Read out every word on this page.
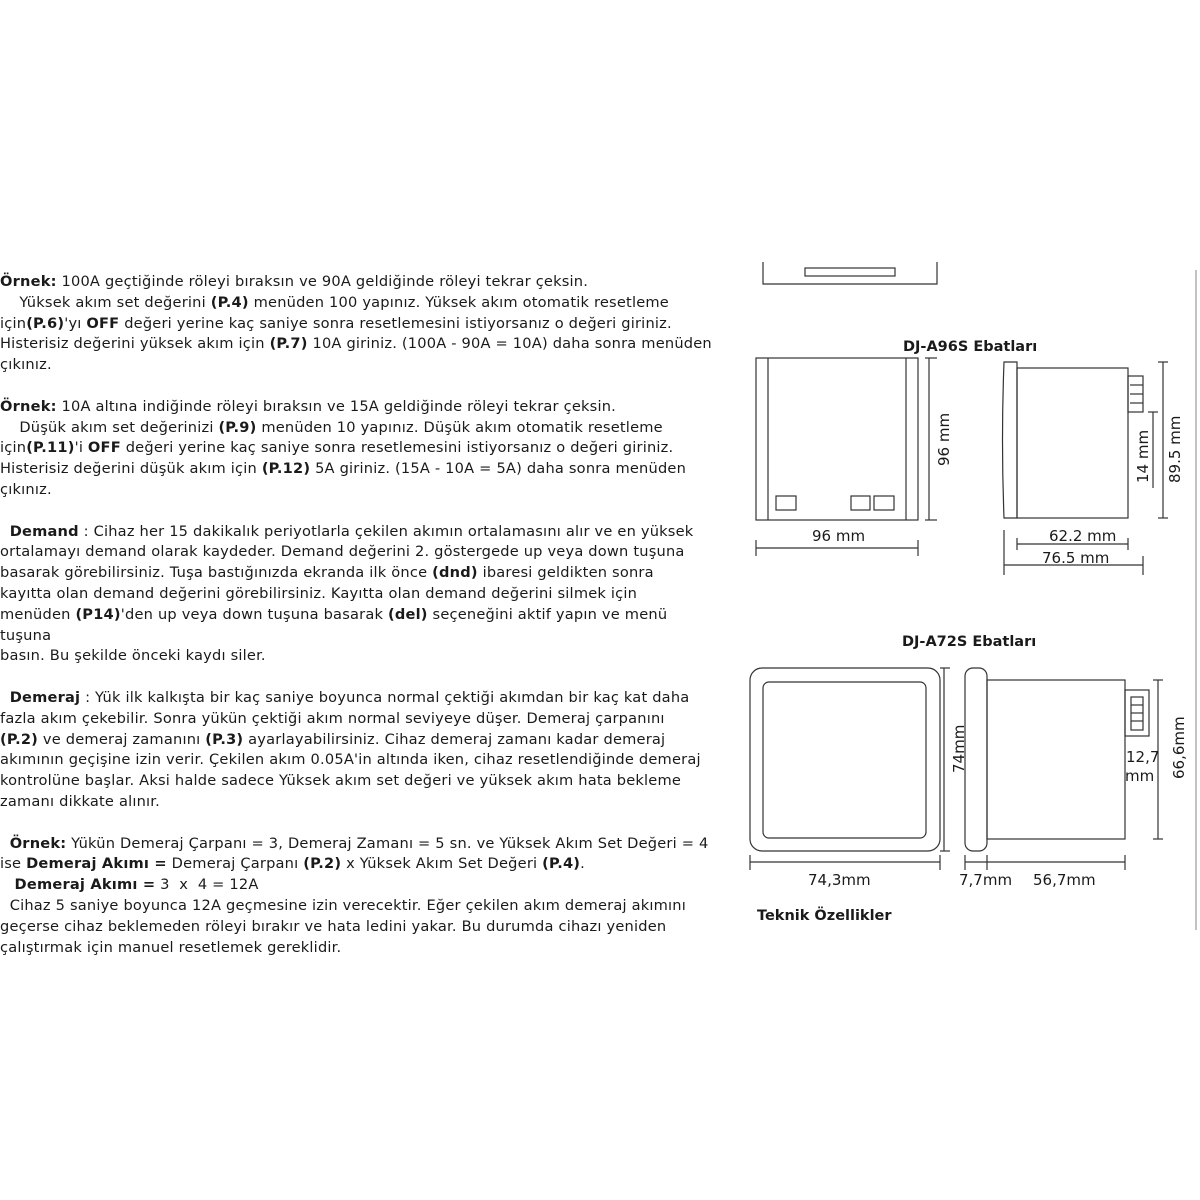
Örnek: 100A geçtiğinde röleyi bıraksın ve 90A geldiğinde röleyi tekrar çeksin.

Yüksek akım set değerini (P.4) menüden 100 yapınız. Yüksek akım otomatik resetleme

için(P.6)'yı OFF değeri yerine kaç saniye sonra resetlemesini istiyorsanız o değeri giriniz.

Histerisiz değerini yüksek akım için (P.7) 10A giriniz. (100A - 90A = 10A) daha sonra menüden

çıkınız.

Örnek: 10A altına indiğinde röleyi bıraksın ve 15A geldiğinde röleyi tekrar çeksin.

Düşük akım set değerinizi (P.9) menüden 10 yapınız. Düşük akım otomatik resetleme

için(P.11)'i OFF değeri yerine kaç saniye sonra resetlemesini istiyorsanız o değeri giriniz.

Histerisiz değerini düşük akım için (P.12) 5A giriniz. (15A - 10A = 5A) daha sonra menüden

çıkınız.

Demand : Cihaz her 15 dakikalık periyotlarla çekilen akımın ortalamasını alır ve en yüksek

ortalamayı demand olarak kaydeder. Demand değerini 2. göstergede up veya down tuşuna

basarak görebilirsiniz. Tuşa bastığınızda ekranda ilk önce (dnd) ibaresi geldikten sonra

kayıtta olan demand değerini görebilirsiniz. Kayıtta olan demand değerini silmek için

menüden (P14)'den up veya down tuşuna basarak (del) seçeneğini aktif yapın ve menü tuşuna

basın. Bu şekilde önceki kaydı siler.

Demeraj : Yük ilk kalkışta bir kaç saniye boyunca normal çektiği akımdan bir kaç kat daha

fazla akım çekebilir. Sonra yükün çektiği akım normal seviyeye düşer. Demeraj çarpanını

(P.2) ve demeraj zamanını (P.3) ayarlayabilirsiniz. Cihaz demeraj zamanı kadar demeraj

akımının geçişine izin verir. Çekilen akım 0.05A'in altında iken, cihaz resetlendiğinde demeraj

kontrolüne başlar. Aksi halde sadece Yüksek akım set değeri ve yüksek akım hata bekleme

zamanı dikkate alınır.

Örnek: Yükün Demeraj Çarpanı = 3, Demeraj Zamanı = 5 sn. ve Yüksek Akım Set Değeri = 4

ise Demeraj Akımı = Demeraj Çarpanı (P.2) x Yüksek Akım Set Değeri (P.4).

Demeraj Akımı = 3  x  4 = 12A

Cihaz 5 saniye boyunca 12A geçmesine izin verecektir. Eğer çekilen akım demeraj akımını

geçerse cihaz beklemeden röleyi bırakır ve hata ledini yakar. Bu durumda cihazı yeniden

çalıştırmak için manuel resetlemek gereklidir.

DJ-A96S Ebatları
96 mm
96 mm	14 mm 89.5 mm
62.2 mm
76.5 mm
DJ-A72S Ebatları
74mm	12,7
mm 66,6mm
74,3mm	7,7mm 56,7mm
Teknik Özellikler
